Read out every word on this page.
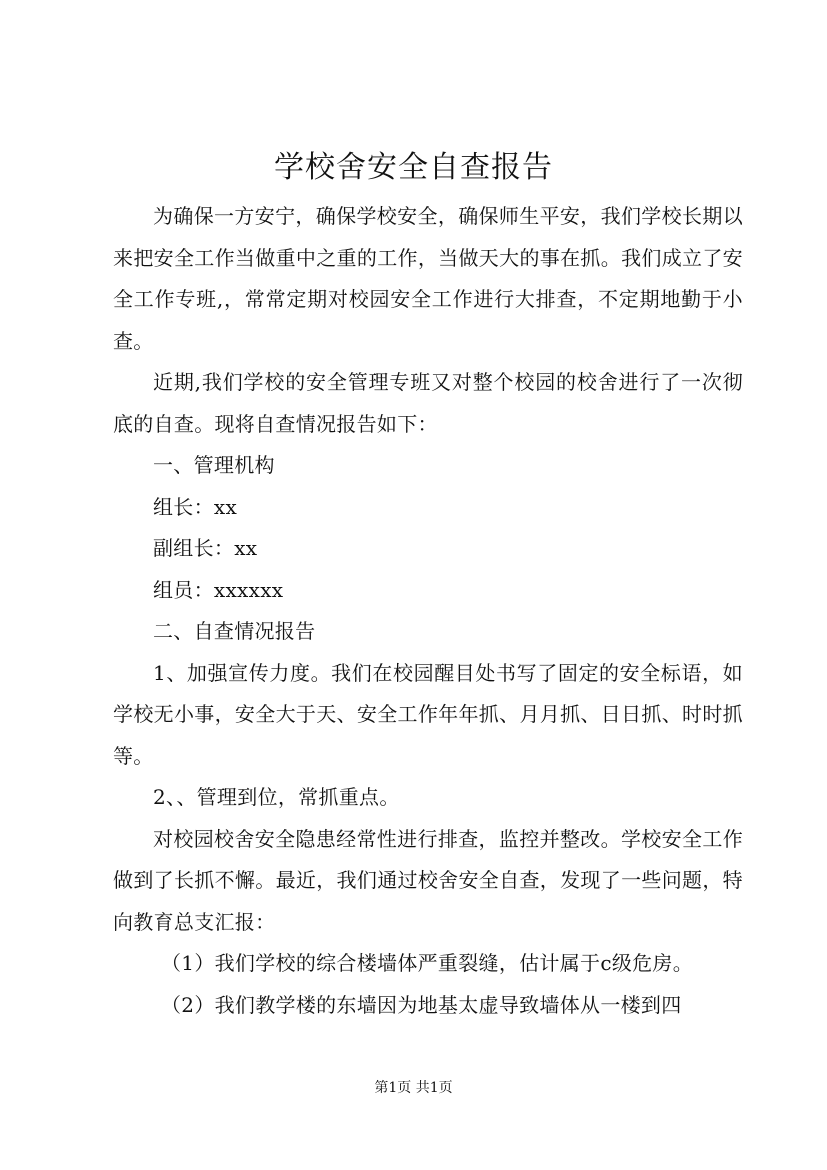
学校舍安全自查报告

为确保一方安宁，确保学校安全，确保师生平安，我们学校长期以来把安全工作当做重中之重的工作，当做天大的事在抓。我们成立了安全工作专班,，常常定期对校园安全工作进行大排查，不定期地勤于小查。

近期,我们学校的安全管理专班又对整个校园的校舍进行了一次彻底的自查。现将自查情况报告如下：

一、管理机构

组长：xx

副组长：xx

组员：xxxxxx

二、自查情况报告

1、加强宣传力度。我们在校园醒目处书写了固定的安全标语，如学校无小事，安全大于天、安全工作年年抓、月月抓、日日抓、时时抓等。

2、、管理到位，常抓重点。

对校园校舍安全隐患经常性进行排查，监控并整改。学校安全工作做到了长抓不懈。最近，我们通过校舍安全自查，发现了一些问题，特向教育总支汇报：

（1）我们学校的综合楼墙体严重裂缝，估计属于c级危房。

（2）我们教学楼的东墙因为地基太虚导致墙体从一楼到四

第1页 共1页
